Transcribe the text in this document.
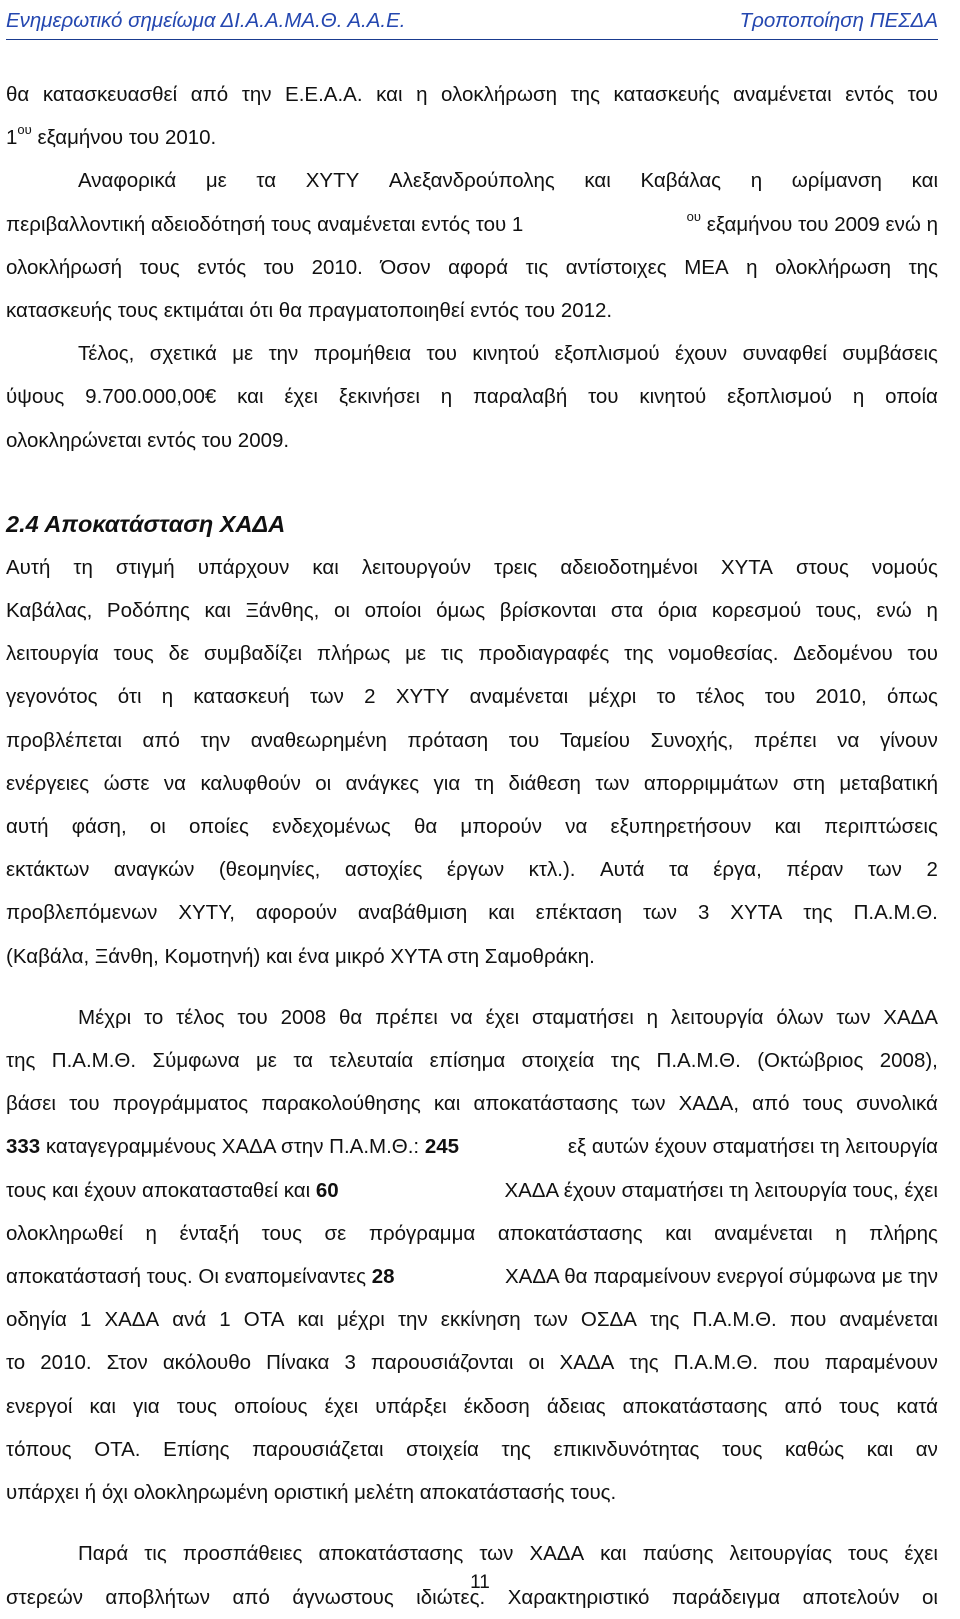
Ενημερωτικό σημείωμα ΔΙ.Α.Α.ΜΑ.Θ. Α.Α.Ε.	Τροποποίηση ΠΕΣΔΑ
θα κατασκευασθεί από την Ε.Ε.Α.Α. και η ολοκλήρωση της κατασκευής αναμένεται εντός του
$1^{o\upsilon}$ εξαμήνου του 2010.
Αναφορικά με τα ΧΥΤΥ Αλεξανδρούπολης και Καβάλας η ωρίμανση και
περιβαλλοντική αδειοδότησή τους αναμένεται εντός του 1	$^{o\upsilon}$ εξαμήνου του 2009 ενώ η
ολοκλήρωσή τους εντός του 2010. Όσον αφορά τις αντίστοιχες ΜΕΑ η ολοκλήρωση της
κατασκευής τους εκτιμάται ότι θα πραγματοποιηθεί εντός του 2012.
Τέλος, σχετικά με την προμήθεια του κινητού εξοπλισμού έχουν συναφθεί συμβάσεις
ύψους 9.700.000,00€ και έχει ξεκινήσει η παραλαβή του κινητού εξοπλισμού η οποία
ολοκληρώνεται εντός του 2009.
2.4 Αποκατάσταση ΧΑΔΑ
Αυτή τη στιγμή υπάρχουν και λειτουργούν τρεις αδειοδοτημένοι ΧΥΤΑ στους νομούς
Καβάλας, Ροδόπης και Ξάνθης, οι οποίοι όμως βρίσκονται στα όρια κορεσμού τους, ενώ η
λειτουργία τους δε συμβαδίζει πλήρως με τις προδιαγραφές της νομοθεσίας. Δεδομένου του
γεγονότος ότι η κατασκευή των 2 ΧΥΤΥ αναμένεται μέχρι το τέλος του 2010, όπως
προβλέπεται από την αναθεωρημένη πρόταση του Ταμείου Συνοχής, πρέπει να γίνουν
ενέργειες ώστε να καλυφθούν οι ανάγκες για τη διάθεση των απορριμμάτων στη μεταβατική
αυτή φάση, οι οποίες ενδεχομένως θα μπορούν να εξυπηρετήσουν και περιπτώσεις
εκτάκτων αναγκών (θεομηνίες, αστοχίες έργων κτλ.). Αυτά τα έργα, πέραν των 2
προβλεπόμενων ΧΥΤΥ, αφορούν αναβάθμιση και επέκταση των 3 ΧΥΤΑ της Π.Α.Μ.Θ.
(Καβάλα, Ξάνθη, Κομοτηνή) και ένα μικρό ΧΥΤΑ στη Σαμοθράκη.
Μέχρι το τέλος του 2008 θα πρέπει να έχει σταματήσει η λειτουργία όλων των ΧΑΔΑ
της Π.Α.Μ.Θ. Σύμφωνα με τα τελευταία επίσημα στοιχεία της Π.Α.Μ.Θ. (Οκτώβριος 2008),
βάσει του προγράμματος παρακολούθησης και αποκατάστασης των ΧΑΔΑ, από τους συνολικά
333 καταγεγραμμένους ΧΑΔΑ στην Π.Α.Μ.Θ.: 245	εξ αυτών έχουν σταματήσει τη λειτουργία
τους και έχουν αποκατασταθεί και 60	ΧΑΔΑ έχουν σταματήσει τη λειτουργία τους, έχει
ολοκληρωθεί η ένταξή τους σε πρόγραμμα αποκατάστασης και αναμένεται η πλήρης
αποκατάστασή τους. Οι εναπομείναντες 28	ΧΑΔΑ θα παραμείνουν ενεργοί σύμφωνα με την
οδηγία 1 ΧΑΔΑ ανά 1 ΟΤΑ και μέχρι την εκκίνηση των ΟΣΔΑ της Π.Α.Μ.Θ. που αναμένεται
το 2010. Στον ακόλουθο Πίνακα 3 παρουσιάζονται οι ΧΑΔΑ της Π.Α.Μ.Θ. που παραμένουν
ενεργοί και για τους οποίους έχει υπάρξει έκδοση άδειας αποκατάστασης από τους κατά
τόπους ΟΤΑ. Επίσης παρουσιάζεται στοιχεία της επικινδυνότητας τους καθώς και αν
υπάρχει ή όχι ολοκληρωμένη οριστική μελέτη αποκατάστασής τους.
Παρά τις προσπάθειες αποκατάστασης των ΧΑΔΑ και παύσης λειτουργίας τους έχει
στερεών αποβλήτων από άγνωστους ιδιώτες. Χαρακτηριστικό παράδειγμα αποτελούν οι
11
